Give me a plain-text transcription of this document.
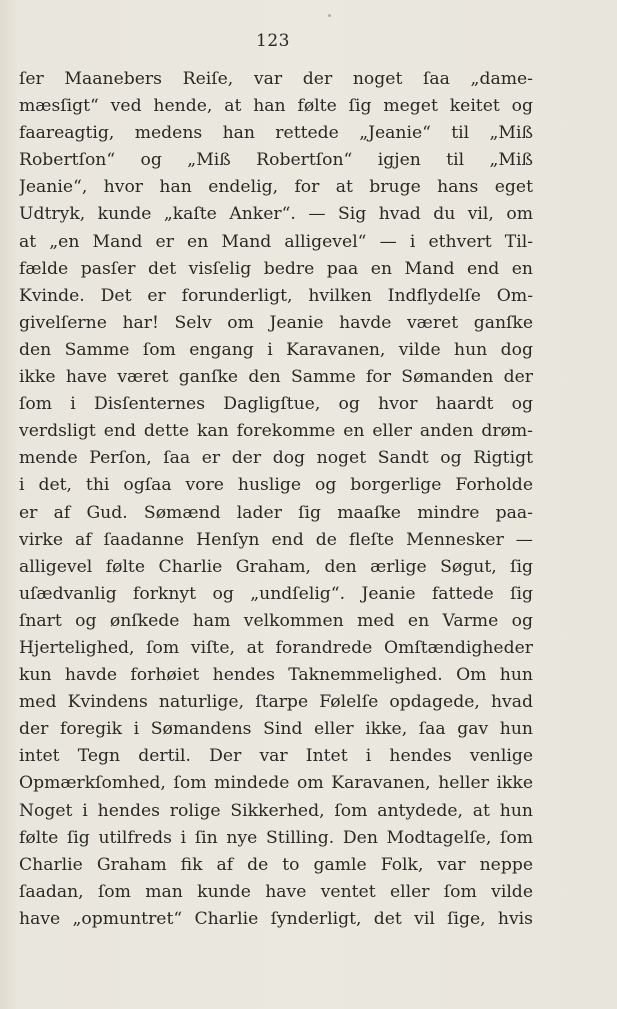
123
ſer Maanebers Reiſe, var der noget ſaa „dame-
mæsſigt“ ved hende, at han følte ſig meget keitet og
faareagtig, medens han rettede „Jeanie“ til „Miß
Robertſon“ og „Miß Robertſon“ igjen til „Miß
Jeanie“, hvor han endelig, for at bruge hans eget
Udtryk, kunde „kaſte Anker“. — Sig hvad du vil, om
at „en Mand er en Mand alligevel“ — i ethvert Til-
fælde pasſer det visſelig bedre paa en Mand end en
Kvinde. Det er forunderligt, hvilken Indflydelſe Om-
givelſerne har! Selv om Jeanie havde været ganſke
den Samme ſom engang i Karavanen, vilde hun dog
ikke have været ganſke den Samme for Sømanden der
ſom i Disſenternes Dagligſtue, og hvor haardt og
verdsligt end dette kan forekomme en eller anden drøm-
mende Perſon, ſaa er der dog noget Sandt og Rigtigt
i det, thi ogſaa vore huslige og borgerlige Forholde
er af Gud. Sømænd lader ſig maaſke mindre paa-
virke af ſaadanne Henſyn end de fleſte Mennesker —
alligevel følte Charlie Graham, den ærlige Søgut, ſig
uſædvanlig forknyt og „undſelig“. Jeanie fattede ſig
ſnart og ønſkede ham velkommen med en Varme og
Hjertelighed, ſom viſte, at forandrede Omſtændigheder
kun havde forhøiet hendes Taknemmelighed. Om hun
med Kvindens naturlige, ſtarpe Følelſe opdagede, hvad
der foregik i Sømandens Sind eller ikke, ſaa gav hun
intet Tegn dertil. Der var Intet i hendes venlige
Opmærkſomhed, ſom mindede om Karavanen, heller ikke
Noget i hendes rolige Sikkerhed, ſom antydede, at hun
følte ſig utilfreds i ſin nye Stilling. Den Modtagelſe, ſom
Charlie Graham fik af de to gamle Folk, var neppe
ſaadan, ſom man kunde have ventet eller ſom vilde
have „opmuntret“ Charlie ſynderligt, det vil ſige, hvis
